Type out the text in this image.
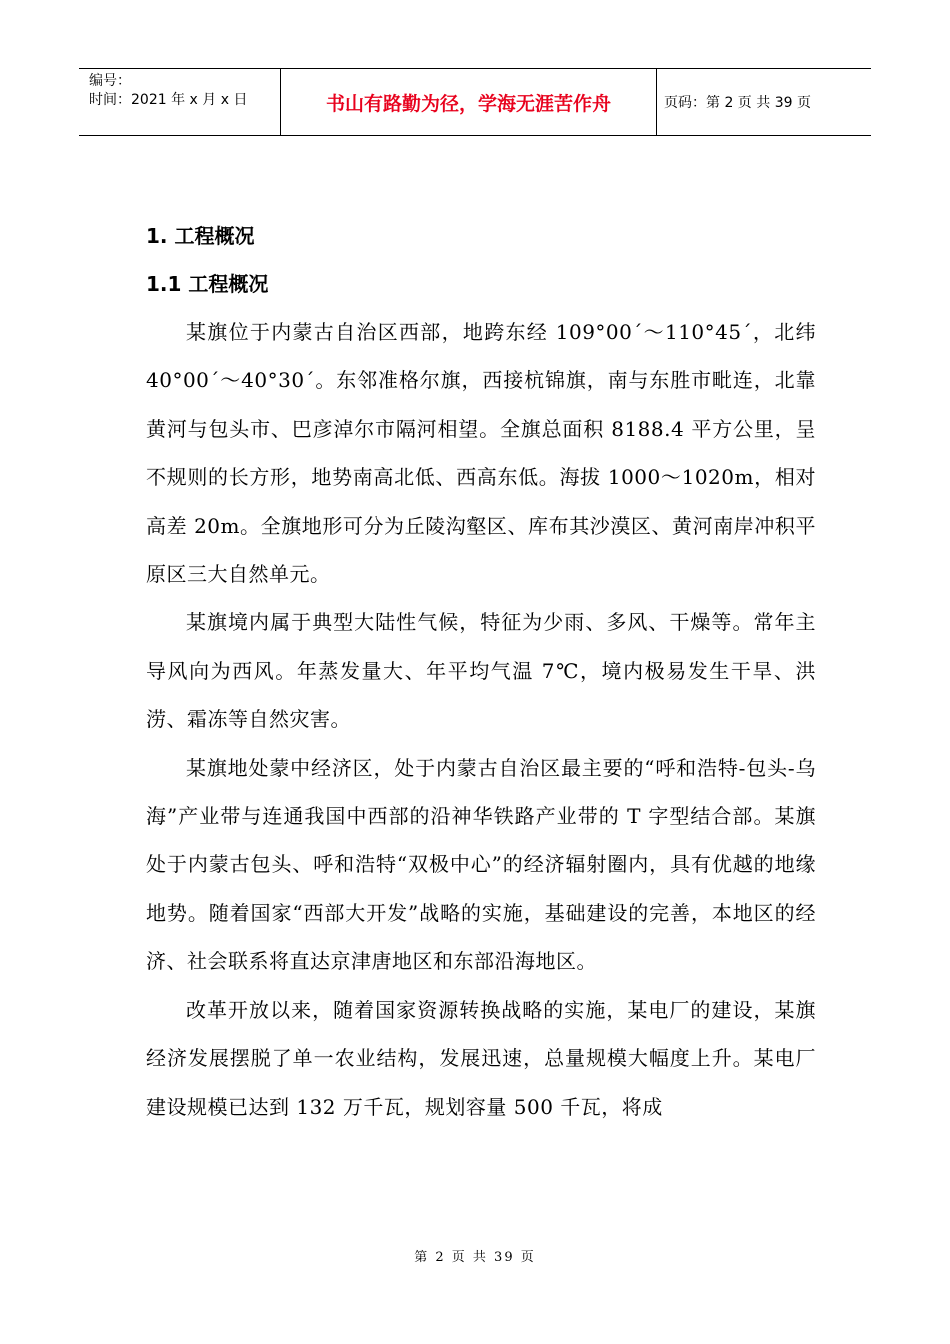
编号：
时间：2021 年 x 月 x 日	书山有路勤为径，学海无涯苦作舟	页码：第 2 页 共 39 页
1. 工程概况
1.1 工程概况

某旗位于内蒙古自治区西部，地跨东经 109°00´～110°45´，北纬 40°00´～40°30´。东邻准格尔旗，西接杭锦旗，南与东胜市毗连，北靠黄河与包头市、巴彦淖尔市隔河相望。全旗总面积 8188.4 平方公里，呈不规则的长方形，地势南高北低、西高东低。海拔 1000～1020m，相对高差 20m。全旗地形可分为丘陵沟壑区、库布其沙漠区、黄河南岸冲积平原区三大自然单元。

某旗境内属于典型大陆性气候，特征为少雨、多风、干燥等。常年主导风向为西风。年蒸发量大、年平均气温 7℃，境内极易发生干旱、洪涝、霜冻等自然灾害。

某旗地处蒙中经济区，处于内蒙古自治区最主要的“呼和浩特-包头-乌海”产业带与连通我国中西部的沿神华铁路产业带的 T 字型结合部。某旗处于内蒙古包头、呼和浩特“双极中心”的经济辐射圈内，具有优越的地缘地势。随着国家“西部大开发”战略的实施，基础建设的完善，本地区的经济、社会联系将直达京津唐地区和东部沿海地区。

改革开放以来，随着国家资源转换战略的实施，某电厂的建设，某旗经济发展摆脱了单一农业结构，发展迅速，总量规模大幅度上升。某电厂建设规模已达到 132 万千瓦，规划容量 500 千瓦，将成

第 2 页 共 39 页
